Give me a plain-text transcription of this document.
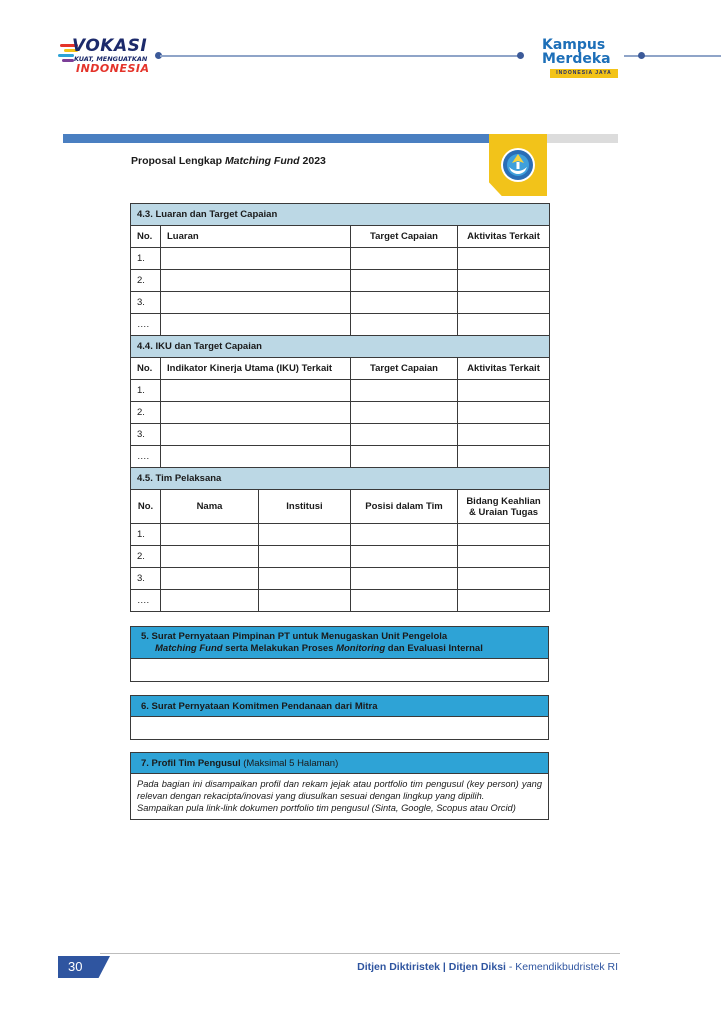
VOKASI
KUAT, MENGUATKAN
INDONESIA
Kampus
Merdeka
INDONESIA JAYA
Proposal Lengkap Matching Fund 2023
4.3. Luaran dan Target Capaian				
No.	Luaran		Target Capaian	Aktivitas Terkait
1.				
2.				
3.				
….				
4.4. IKU dan Target Capaian				
No.	Indikator Kinerja Utama (IKU) Terkait		Target Capaian	Aktivitas Terkait
1.				
2.				
3.				
….				
4.5. Tim Pelaksana				
No.	Nama	Institusi	Posisi dalam Tim	Bidang Keahlian & Uraian Tugas
1.				
2.				
3.				
….				
5. Surat Pernyataan Pimpinan PT untuk Menugaskan Unit Pengelola
Matching Fund serta Melakukan Proses Monitoring dan Evaluasi Internal
6. Surat Pernyataan Komitmen Pendanaan dari Mitra
7. Profil Tim Pengusul (Maksimal 5 Halaman)
Pada bagian ini disampaikan profil dan rekam jejak atau portfolio tim pengusul (key person) yang relevan dengan rekacipta/inovasi yang diusulkan sesuai dengan lingkup yang dipilih.
Sampaikan pula link-link dokumen portfolio tim pengusul (Sinta, Google, Scopus atau Orcid)
30	Ditjen Diktiristek | Ditjen Diksi - Kemendikbudristek RI
